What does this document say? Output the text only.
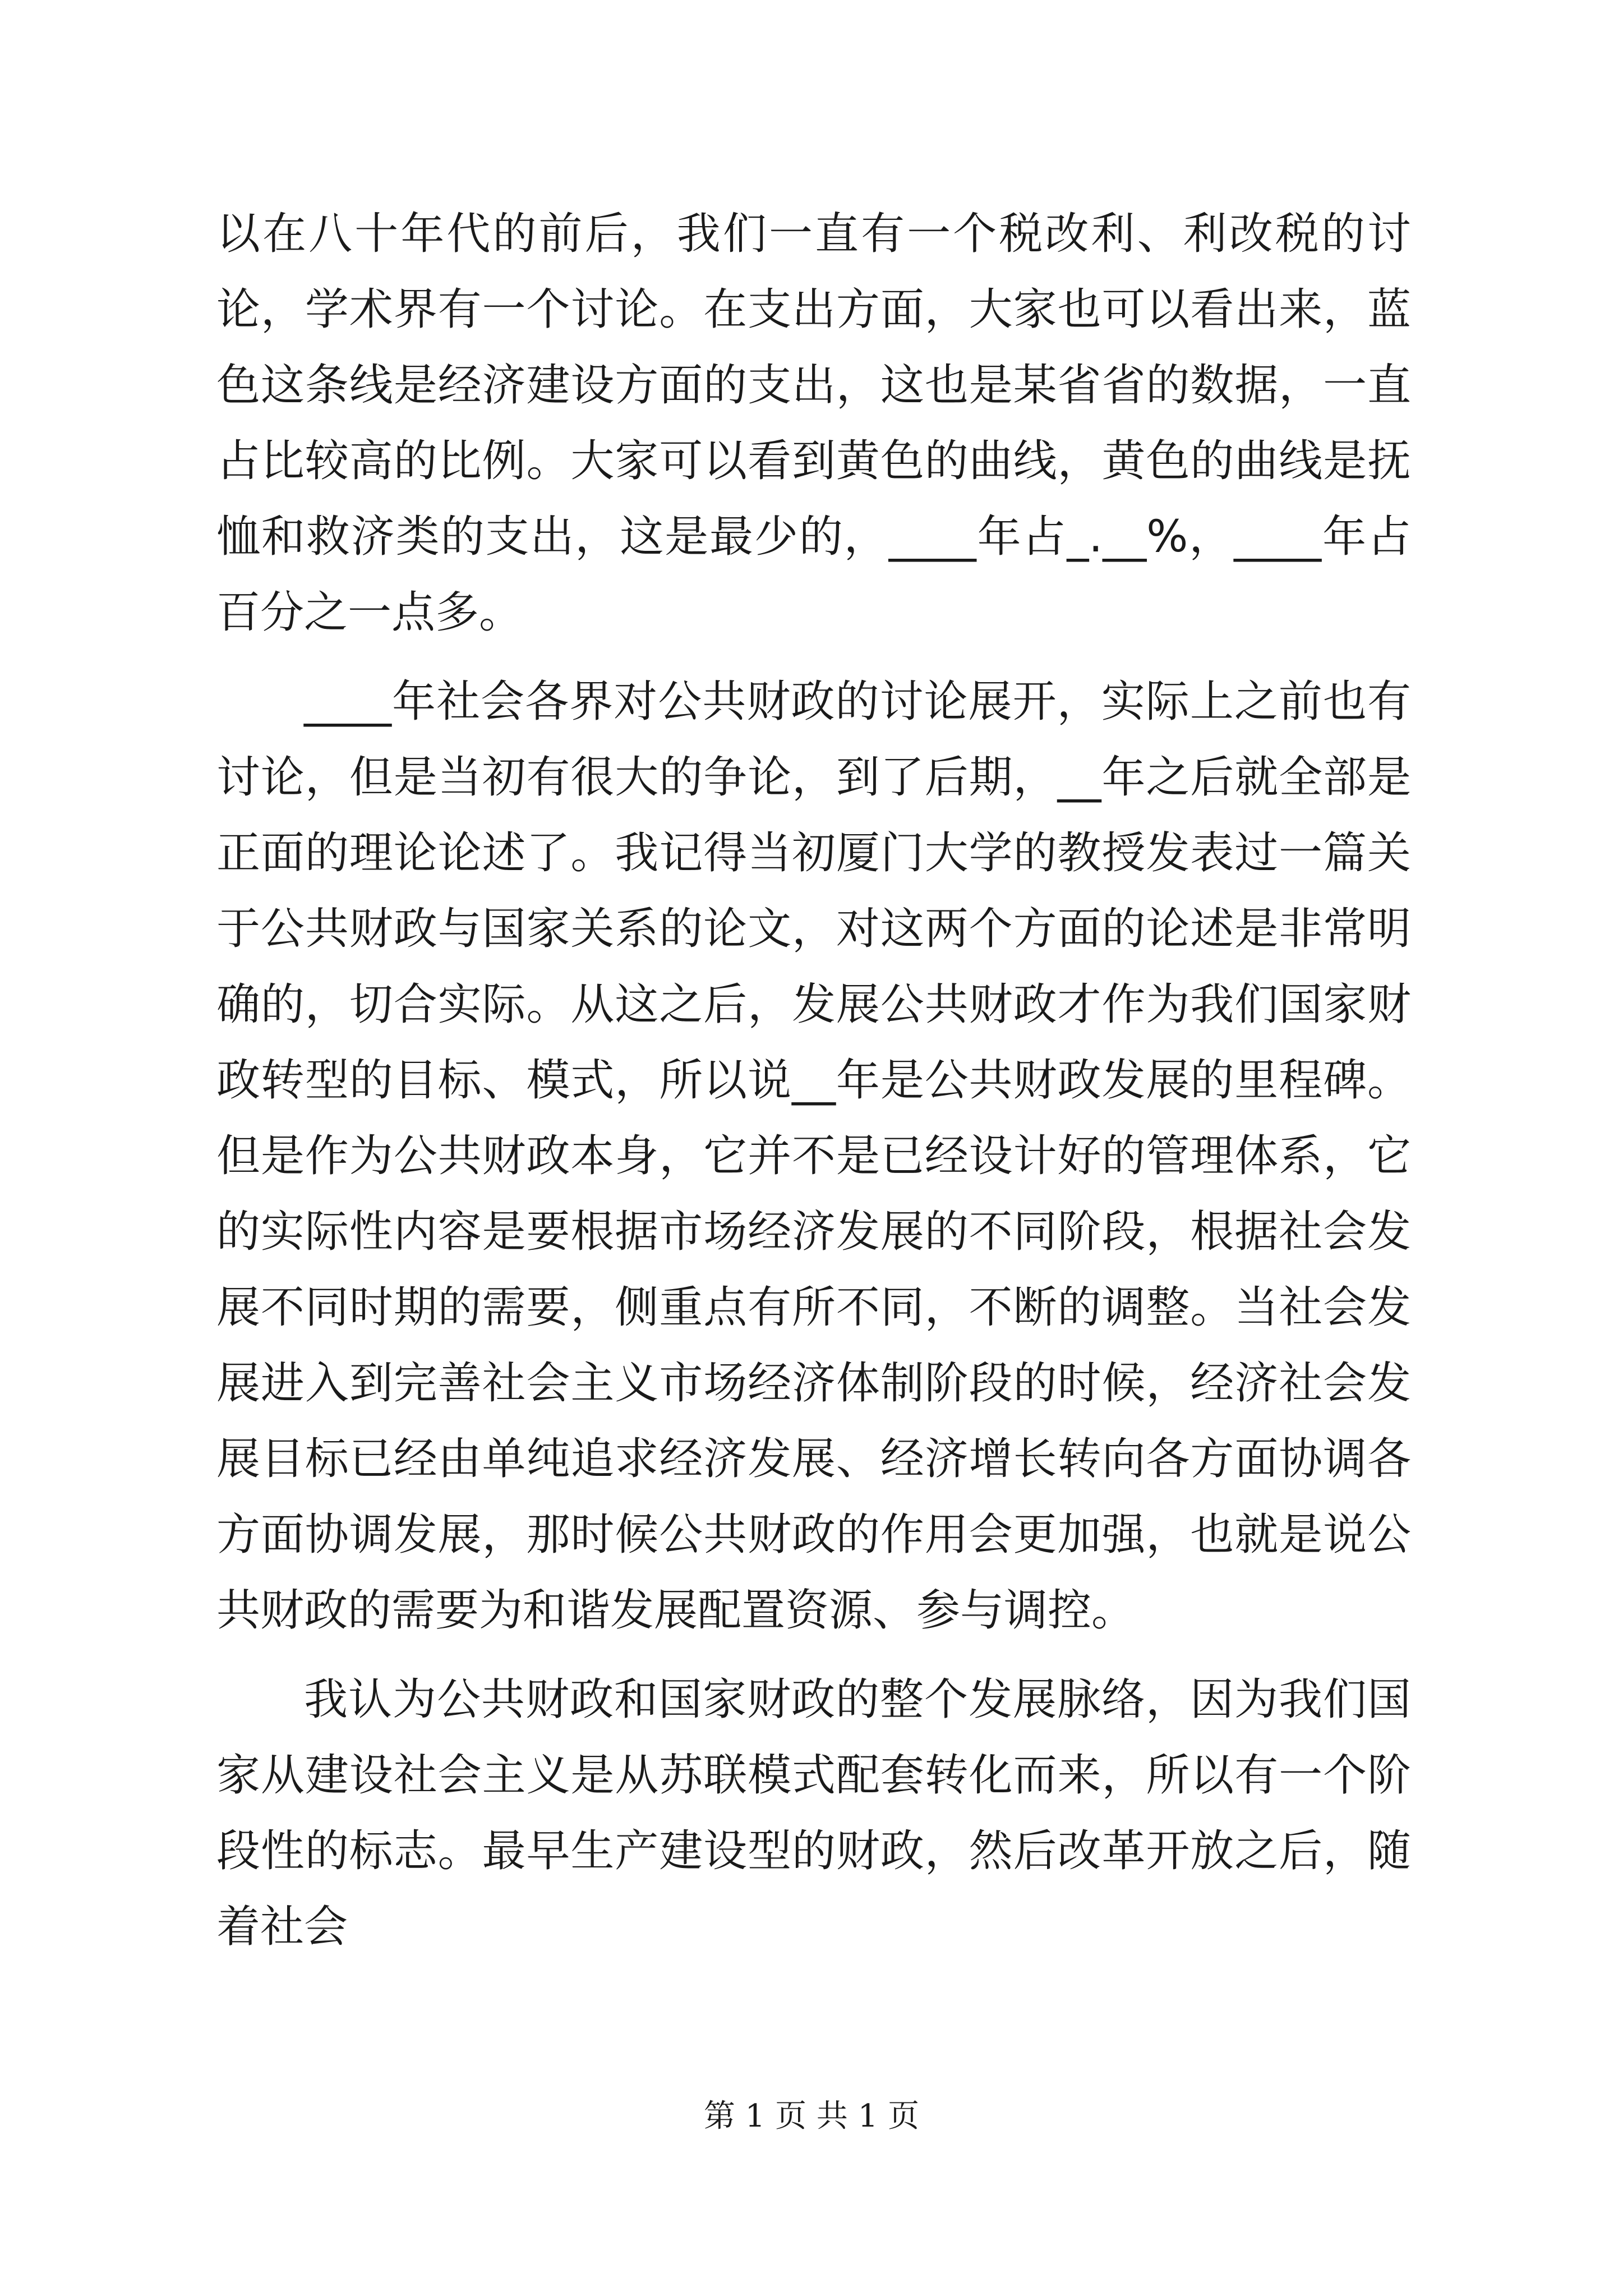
以在八十年代的前后，我们一直有一个税改利、利改税的讨论，学术界有一个讨论。在支出方面，大家也可以看出来，蓝色这条线是经济建设方面的支出，这也是某省省的数据，一直占比较高的比例。大家可以看到黄色的曲线，黄色的曲线是抚恤和救济类的支出，这是最少的，____年占_.__%，____年占百分之一点多。

____年社会各界对公共财政的讨论展开，实际上之前也有讨论，但是当初有很大的争论，到了后期，__年之后就全部是正面的理论论述了。我记得当初厦门大学的教授发表过一篇关于公共财政与国家关系的论文，对这两个方面的论述是非常明确的，切合实际。从这之后，发展公共财政才作为我们国家财政转型的目标、模式，所以说__年是公共财政发展的里程碑。但是作为公共财政本身，它并不是已经设计好的管理体系，它的实际性内容是要根据市场经济发展的不同阶段，根据社会发展不同时期的需要，侧重点有所不同，不断的调整。当社会发展进入到完善社会主义市场经济体制阶段的时候，经济社会发展目标已经由单纯追求经济发展、经济增长转向各方面协调各方面协调发展，那时候公共财政的作用会更加强，也就是说公共财政的需要为和谐发展配置资源、参与调控。

我认为公共财政和国家财政的整个发展脉络，因为我们国家从建设社会主义是从苏联模式配套转化而来，所以有一个阶段性的标志。最早生产建设型的财政，然后改革开放之后，随着社会

第 1 页 共 1 页
